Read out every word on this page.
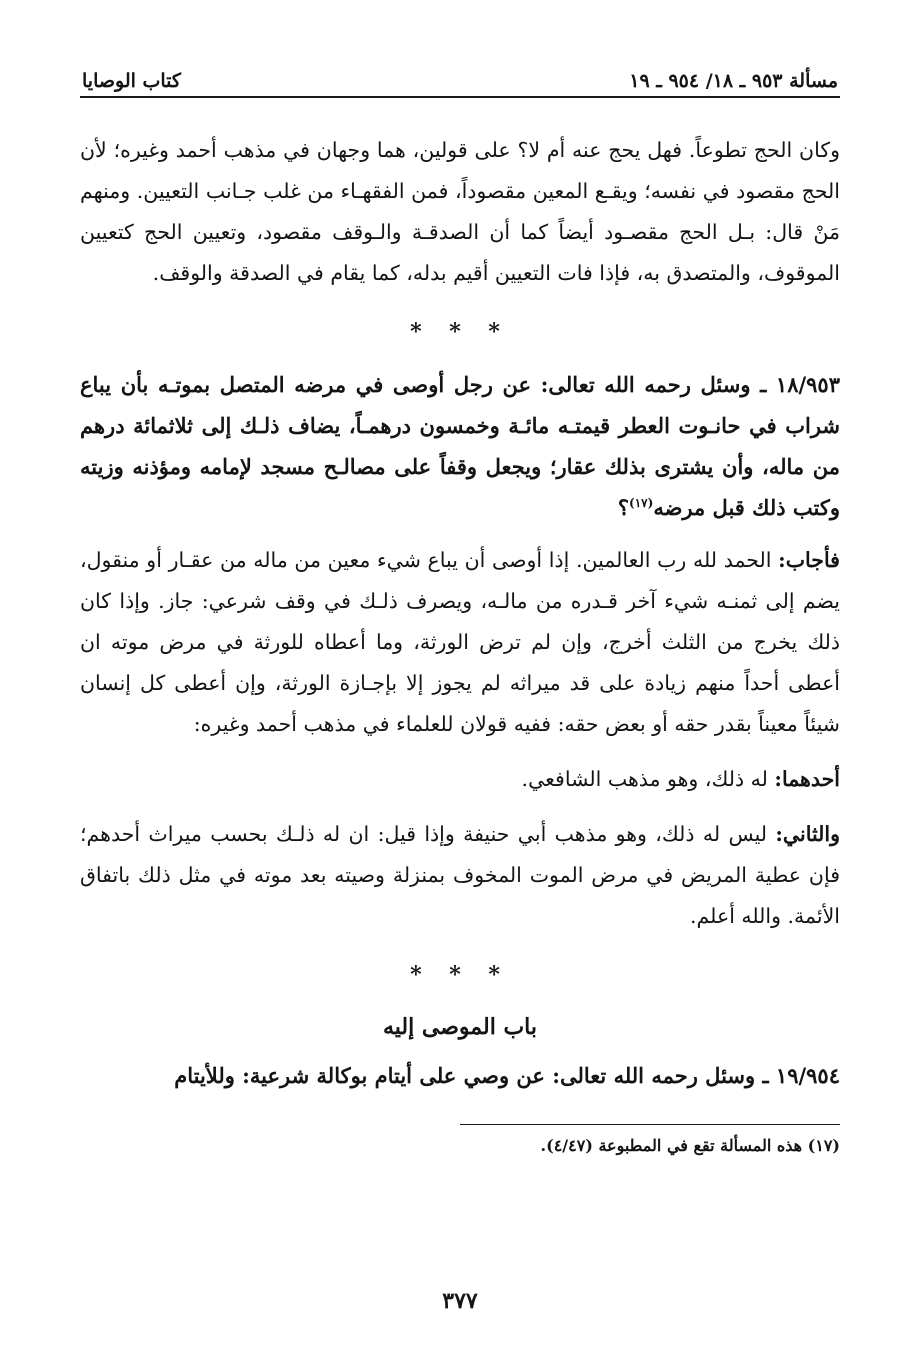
مسألة ٩٥٣ ـ ١٨/ ٩٥٤ ـ ١٩
كتاب الوصايا

وكان الحج تطوعاً. فهل يحج عنه أم لا؟ على قولين، هما وجهان في مذهب أحمد وغيره؛ لأن الحج مقصود في نفسه؛ ويقـع المعين مقصوداً، فمن الفقهـاء من غلب جـانب التعيين. ومنهم مَنْ قال: بـل الحج مقصـود أيضاً كما أن الصدقـة والـوقف مقصود، وتعيين الحج كتعيين الموقوف، والمتصدق به، فإذا فات التعيين أقيم بدله، كما يقام في الصدقة والوقف.

* * *

١٨/٩٥٣ ـ وسئل رحمه الله تعالى: عن رجل أوصى في مرضه المتصل بموتـه بأن يباع شراب في حانـوت العطر قيمتـه مائـة وخمسون درهمـاً، يضاف ذلـك إلى ثلاثمائة درهم من ماله، وأن يشترى بذلك عقار؛ ويجعل وقفاً على مصالـح مسجد لإمامه ومؤذنه وزيته وكتب ذلك قبل مرضه$^{(١٧)}$؟

فأجاب: الحمد لله رب العالمين. إذا أوصى أن يباع شيء معين من ماله من عقـار أو منقول، يضم إلى ثمنـه شيء آخر قـدره من مالـه، ويصرف ذلـك في وقف شرعي: جاز. وإذا كان ذلك يخرج من الثلث أخرج، وإن لم ترض الورثة، وما أعطاه للورثة في مرض موته ان أعطى أحداً منهم زيادة على قد ميراثه لم يجوز إلا بإجـازة الورثة، وإن أعطى كل إنسان شيئاً معيناً بقدر حقه أو بعض حقه: ففيه قولان للعلماء في مذهب أحمد وغيره:

أحدهما: له ذلك، وهو مذهب الشافعي.

والثاني: ليس له ذلك، وهو مذهب أبي حنيفة وإذا قيل: ان له ذلـك بحسب ميراث أحدهم؛فإن عطية المريض في مرض الموت المخوف بمنزلة وصيته بعد موته في مثل ذلك باتفاق الأئمة. والله أعلم.

* * *
باب الموصى إليه

١٩/٩٥٤ ـ وسئل رحمه الله تعالى: عن وصي على أيتام بوكالة شرعية: وللأيتام

(١٧) هذه المسألة تقع في المطبوعة (٤/٤٧).
٣٧٧
